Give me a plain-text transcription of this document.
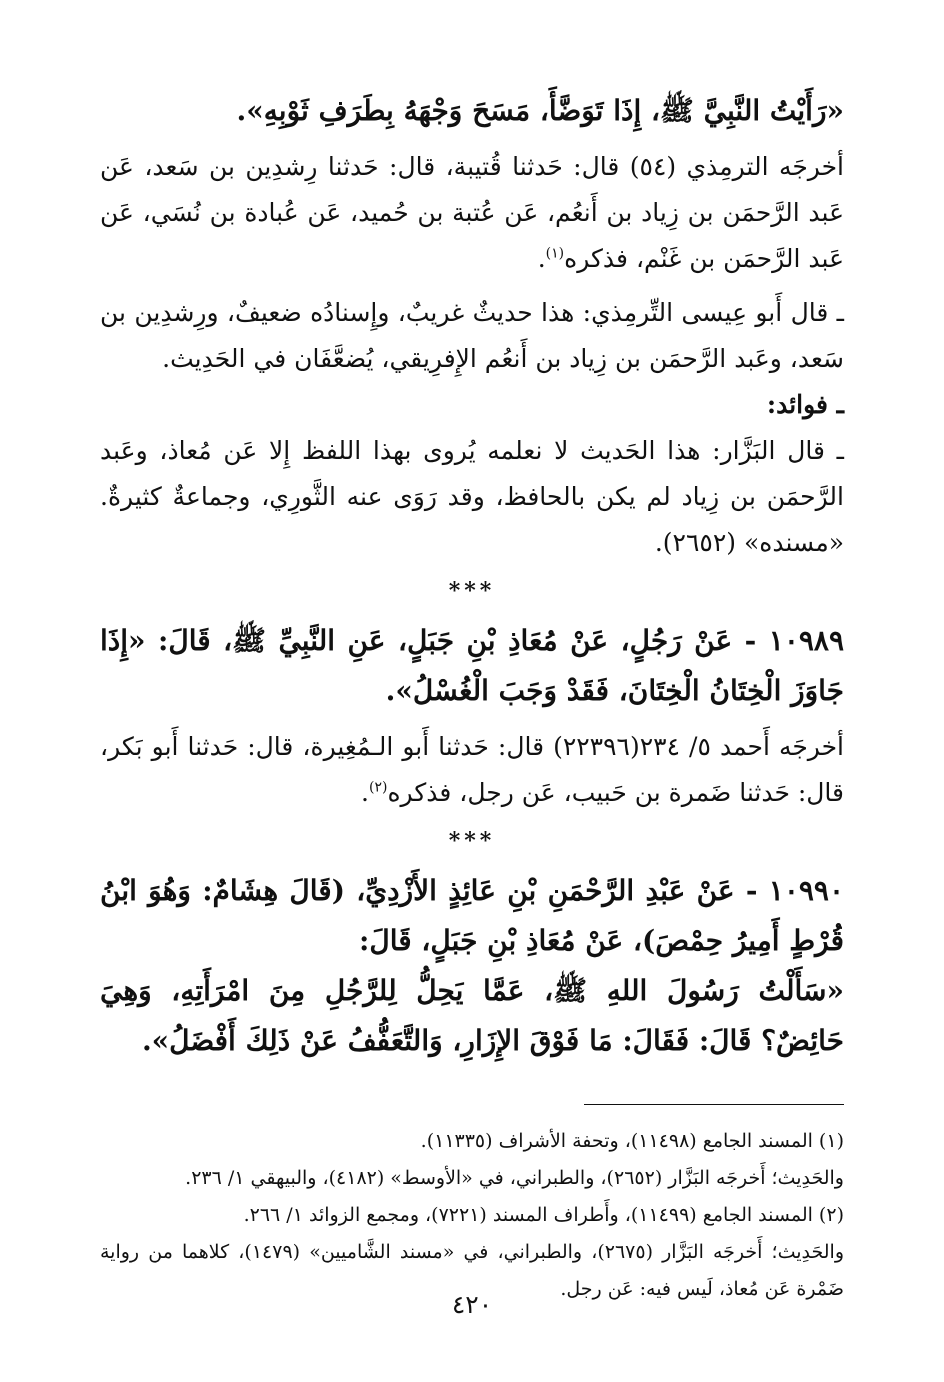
«رَأَيْتُ النَّبِيَّ ﷺ، إِذَا تَوَضَّأَ، مَسَحَ وَجْهَهُ بِطَرَفِ ثَوْبِهِ».

أخرجَه الترمِذي (٥٤) قال: حَدثنا قُتيبة، قال: حَدثنا رِشدِين بن سَعد، عَن عَبد الرَّحمَن بن زِياد بن أَنعُم، عَن عُتبة بن حُميد، عَن عُبادة بن نُسَي، عَن عَبد الرَّحمَن بن غَنْم، فذكره$^{(١)}$.

ـ قال أَبو عِيسى التِّرمِذي: هذا حديثٌ غريبٌ، وإِسنادُه ضعيفٌ، ورِشدِين بن سَعد، وعَبد الرَّحمَن بن زِياد بن أَنعُم الإِفرِيقي، يُضعَّفَان في الحَدِيث.

ـ فوائد:

ـ قال البَزَّار: هذا الحَديث لا نعلمه يُروى بهذا اللفظ إِلا عَن مُعاذ، وعَبد الرَّحمَن بن زِياد لم يكن بالحافظ، وقد رَوَى عنه الثَّورِي، وجماعةٌ كثيرةٌ. «مسنده» (٢٦٥٢).

***

١٠٩٨٩ - عَنْ رَجُلٍ، عَنْ مُعَاذِ بْنِ جَبَلٍ، عَنِ النَّبِيِّ ﷺ، قَالَ: «إِذَا جَاوَزَ الْخِتَانُ الْخِتَانَ، فَقَدْ وَجَبَ الْغُسْلُ».

أخرجَه أَحمد ٥/ ٢٣٤(٢٢٣٩٦) قال: حَدثنا أَبو الـمُغِيرة، قال: حَدثنا أَبو بَكر، قال: حَدثنا ضَمرة بن حَبيب، عَن رجل، فذكره$^{(٢)}$.

***

١٠٩٩٠ - عَنْ عَبْدِ الرَّحْمَنِ بْنِ عَائِذٍ الأَزْدِيِّ، (قَالَ هِشَامٌ: وَهُوَ ابْنُ قُرْطٍ أَمِيرُ حِمْصَ)، عَنْ مُعَاذِ بْنِ جَبَلٍ، قَالَ:

«سَأَلْتُ رَسُولَ اللهِ ﷺ، عَمَّا يَحِلُّ لِلرَّجُلِ مِنَ امْرَأَتِهِ، وَهِيَ حَائِضٌ؟ قَالَ: فَقَالَ: مَا فَوْقَ الإِزَارِ، وَالتَّعَفُّفُ عَنْ ذَلِكَ أَفْضَلُ».

(١) المسند الجامع (١١٤٩٨)، وتحفة الأشراف (١١٣٣٥).

والحَدِيث؛ أَخرجَه البَزَّار (٢٦٥٢)، والطبراني، في «الأوسط» (٤١٨٢)، والبيهقي ١/ ٢٣٦.

(٢) المسند الجامع (١١٤٩٩)، وأَطراف المسند (٧٢٢١)، ومجمع الزوائد ١/ ٢٦٦.

والحَدِيث؛ أَخرجَه البَزَّار (٢٦٧٥)، والطبراني، في «مسند الشَّاميين» (١٤٧٩)، كلاهما من رواية ضَمْرة عَن مُعاذ، لَيس فيه: عَن رجل.

٤٢٠
